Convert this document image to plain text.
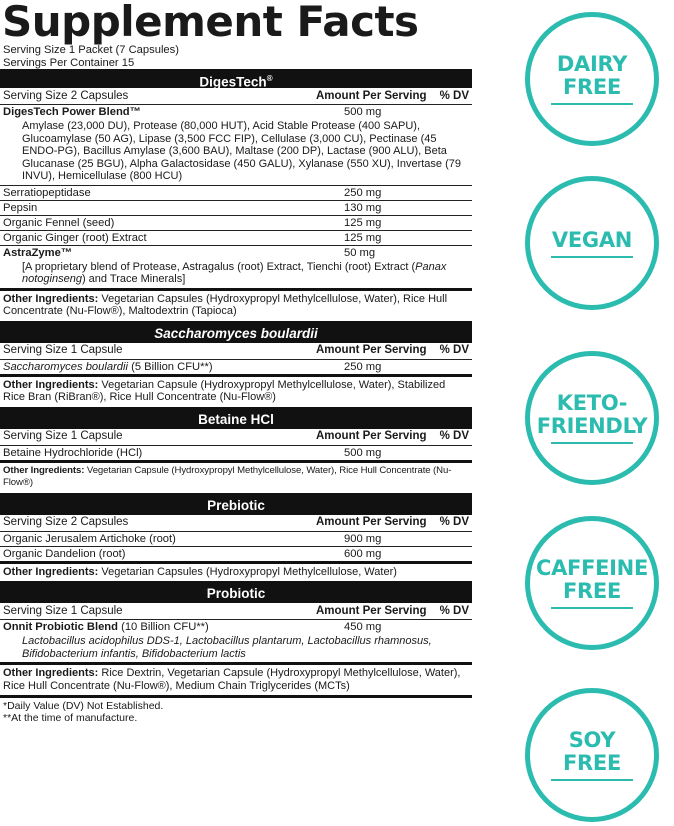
Supplement Facts
Serving Size 1 Packet (7 Capsules)
Servings Per Container 15
DigesTech®
Serving Size 2 Capsules	Amount Per Serving	% DV
DigesTech Power Blend™	500 mg
Amylase (23,000 DU), Protease (80,000 HUT), Acid Stable Protease (400 SAPU), Glucoamylase (50 AG), Lipase (3,500 FCC FIP), Cellulase (3,000 CU), Pectinase (45 ENDO-PG), Bacillus Amylase (3,600 BAU), Maltase (200 DP), Lactase (900 ALU), Beta Glucanase (25 BGU), Alpha Galactosidase (450 GALU), Xylanase (550 XU), Invertase (79 INVU), Hemicellulase (800 HCU)
Serratiopeptidase	250 mg
Pepsin	130 mg
Organic Fennel (seed)	125 mg
Organic Ginger (root) Extract	125 mg
AstraZyme™	50 mg
[A proprietary blend of Protease, Astragalus (root) Extract, Tienchi (root) Extract (Panax notoginseng) and Trace Minerals]
Other Ingredients: Vegetarian Capsules (Hydroxypropyl Methylcellulose, Water), Rice Hull Concentrate (Nu-Flow®), Maltodextrin (Tapioca)
Saccharomyces boulardii
Serving Size 1 Capsule	Amount Per Serving	% DV
Saccharomyces boulardii (5 Billion CFU**)	250 mg
Other Ingredients: Vegetarian Capsule (Hydroxypropyl Methylcellulose, Water), Stabilized Rice Bran (RiBran®), Rice Hull Concentrate (Nu-Flow®)
Betaine HCl
Serving Size 1 Capsule	Amount Per Serving	% DV
Betaine Hydrochloride (HCl)	500 mg
Other Ingredients: Vegetarian Capsule (Hydroxypropyl Methylcellulose, Water), Rice Hull Concentrate (Nu-Flow®)
Prebiotic
Serving Size 2 Capsules	Amount Per Serving	% DV
Organic Jerusalem Artichoke (root)	900 mg
Organic Dandelion (root)	600 mg
Other Ingredients: Vegetarian Capsules (Hydroxypropyl Methylcellulose, Water)
Probiotic
Serving Size 1 Capsule	Amount Per Serving	% DV
Onnit Probiotic Blend (10 Billion CFU**)	450 mg
Lactobacillus acidophilus DDS-1, Lactobacillus plantarum, Lactobacillus rhamnosus, Bifidobacterium infantis, Bifidobacterium lactis
Other Ingredients: Rice Dextrin, Vegetarian Capsule (Hydroxypropyl Methylcellulose, Water), Rice Hull Concentrate (Nu-Flow®), Medium Chain Triglycerides (MCTs)
*Daily Value (DV) Not Established.
**At the time of manufacture.
DAIRY
FREE
VEGAN
KETO-
FRIENDLY
CAFFEINE
FREE
SOY
FREE
